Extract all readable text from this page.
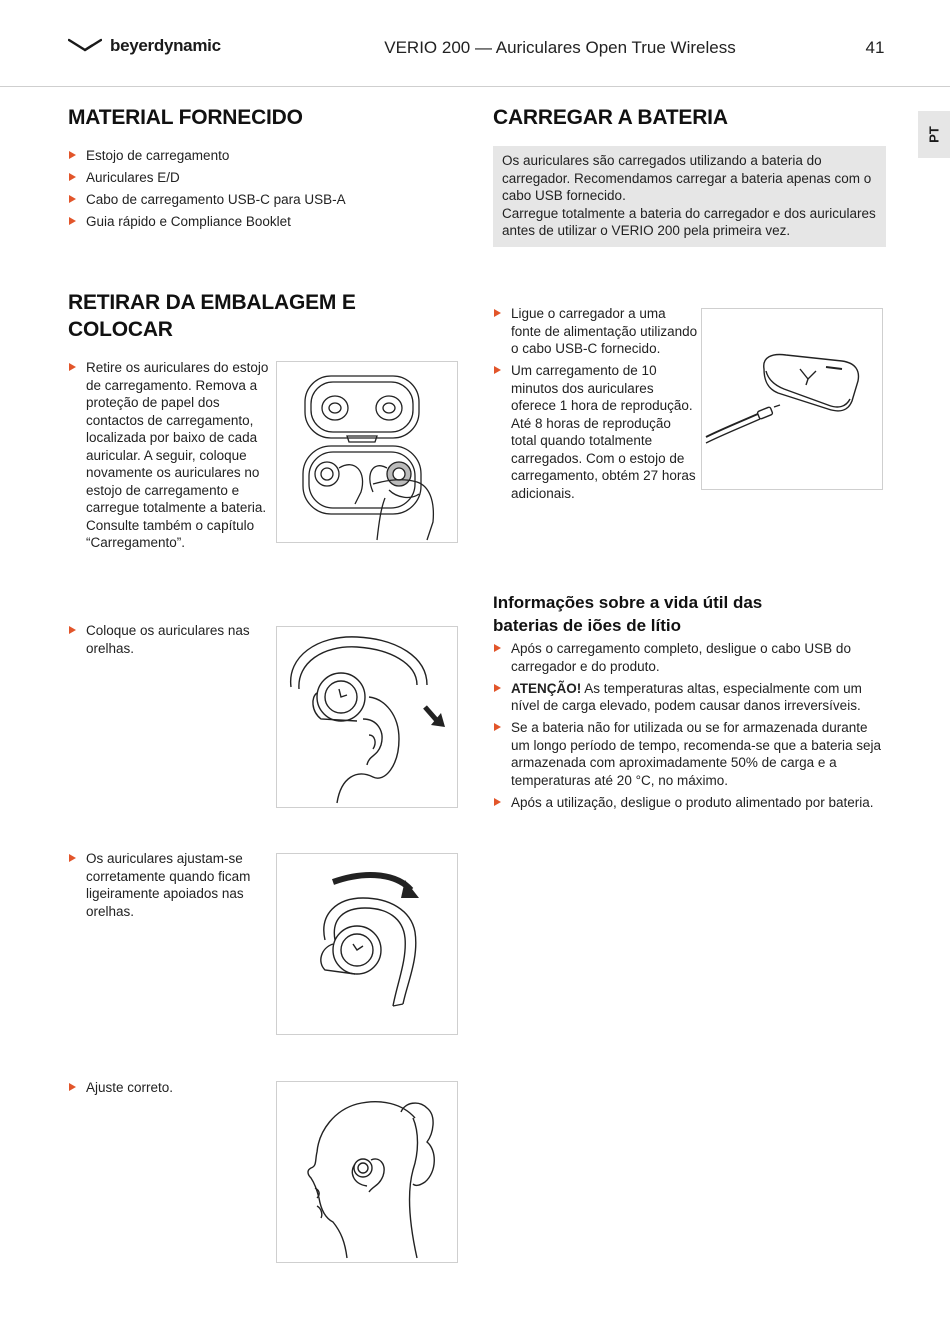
beyerdynamic	VERIO 200 — Auriculares Open True Wireless	41
PT
MATERIAL FORNECIDO
Estojo de carregamento
Auriculares E/D
Cabo de carregamento USB-C para USB-A
Guia rápido e Compliance Booklet
RETIRAR DA EMBALAGEM E
COLOCAR
Retire os auriculares do estojo de carregamento. Remova a proteção de papel dos contactos de carregamento, localizada por baixo de cada auricular. A seguir, coloque novamente os auriculares no estojo de carregamento e carregue totalmente a bateria. Consulte também o capítulo “Carregamento”.
Coloque os auriculares nas orelhas.
Os auriculares ajustam-se corretamente quando ficam ligeiramente apoiados nas orelhas.
Ajuste correto.
CARREGAR A BATERIA

Os auriculares são carregados utilizando a bateria do carregador. Recomendamos carregar a bateria apenas com o cabo USB fornecido.

Carregue totalmente a bateria do carregador e dos auriculares antes de utilizar o VERIO 200 pela primeira vez.

Ligue o carregador a uma fonte de alimentação utilizando o cabo USB-C fornecido.
Um carregamento de 10 minutos dos auriculares oferece 1 hora de reprodução.
Até 8 horas de reprodução total quando totalmente carregados. Com o estojo de carregamento, obtém 27 horas adicionais.
Informações sobre a vida útil das
baterias de iões de lítio
Após o carregamento completo, desligue o cabo USB do carregador e do produto.
ATENÇÃO! As temperaturas altas, especialmente com um nível de carga elevado, podem causar danos irreversíveis.
Se a bateria não for utilizada ou se for armazenada durante um longo período de tempo, recomenda-se que a bateria seja armazenada com aproximadamente 50% de carga e a temperaturas até 20 °C, no máximo.
Após a utilização, desligue o produto alimentado por bateria.
